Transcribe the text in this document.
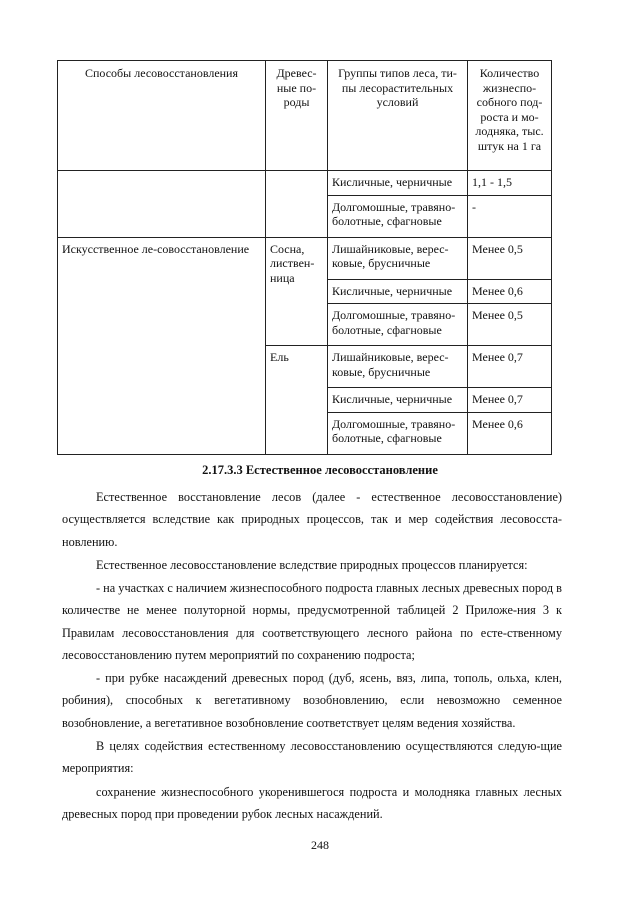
Способы лесовосстановления	Древес-ные по-роды	Группы типов леса, ти-пы лесорастительных условий	Количество жизнеспо-собного под-роста и мо-лодняка, тыс. штук на 1 га
		Кисличные, черничные	1,1 - 1,5
		Долгомошные, травяно-болотные, сфагновые	-
Искусственное ле-совосстановление	Сосна, листвен-ница	Лишайниковые, верес-ковые, брусничные	Менее 0,5
		Кисличные, черничные	Менее 0,6
		Долгомошные, травяно-болотные, сфагновые	Менее 0,5
	Ель	Лишайниковые, верес-ковые, брусничные	Менее 0,7
		Кисличные, черничные	Менее 0,7
		Долгомошные, травяно-болотные, сфагновые	Менее 0,6
2.17.3.3 Естественное лесовосстановление

Естественное восстановление лесов (далее - естественное лесовосстановление) осуществляется вследствие как природных процессов, так и мер содействия лесовосста-новлению.

Естественное лесовосстановление вследствие природных процессов планируется:

- на участках с наличием жизнеспособного подроста главных лесных древесных пород в количестве не менее полуторной нормы, предусмотренной таблицей 2 Приложе-ния 3 к Правилам лесовосстановления для соответствующего лесного района по есте-ственному лесовосстановлению путем мероприятий по сохранению подроста;

- при рубке насаждений древесных пород (дуб, ясень, вяз, липа, тополь, ольха, клен, робиния), способных к вегетативному возобновлению, если невозможно семенное возобновление, а вегетативное возобновление соответствует целям ведения хозяйства.

В целях содействия естественному лесовосстановлению осуществляются следую-щие мероприятия:

сохранение жизнеспособного укоренившегося подроста и молодняка главных лесных древесных пород при проведении рубок лесных насаждений.

248
